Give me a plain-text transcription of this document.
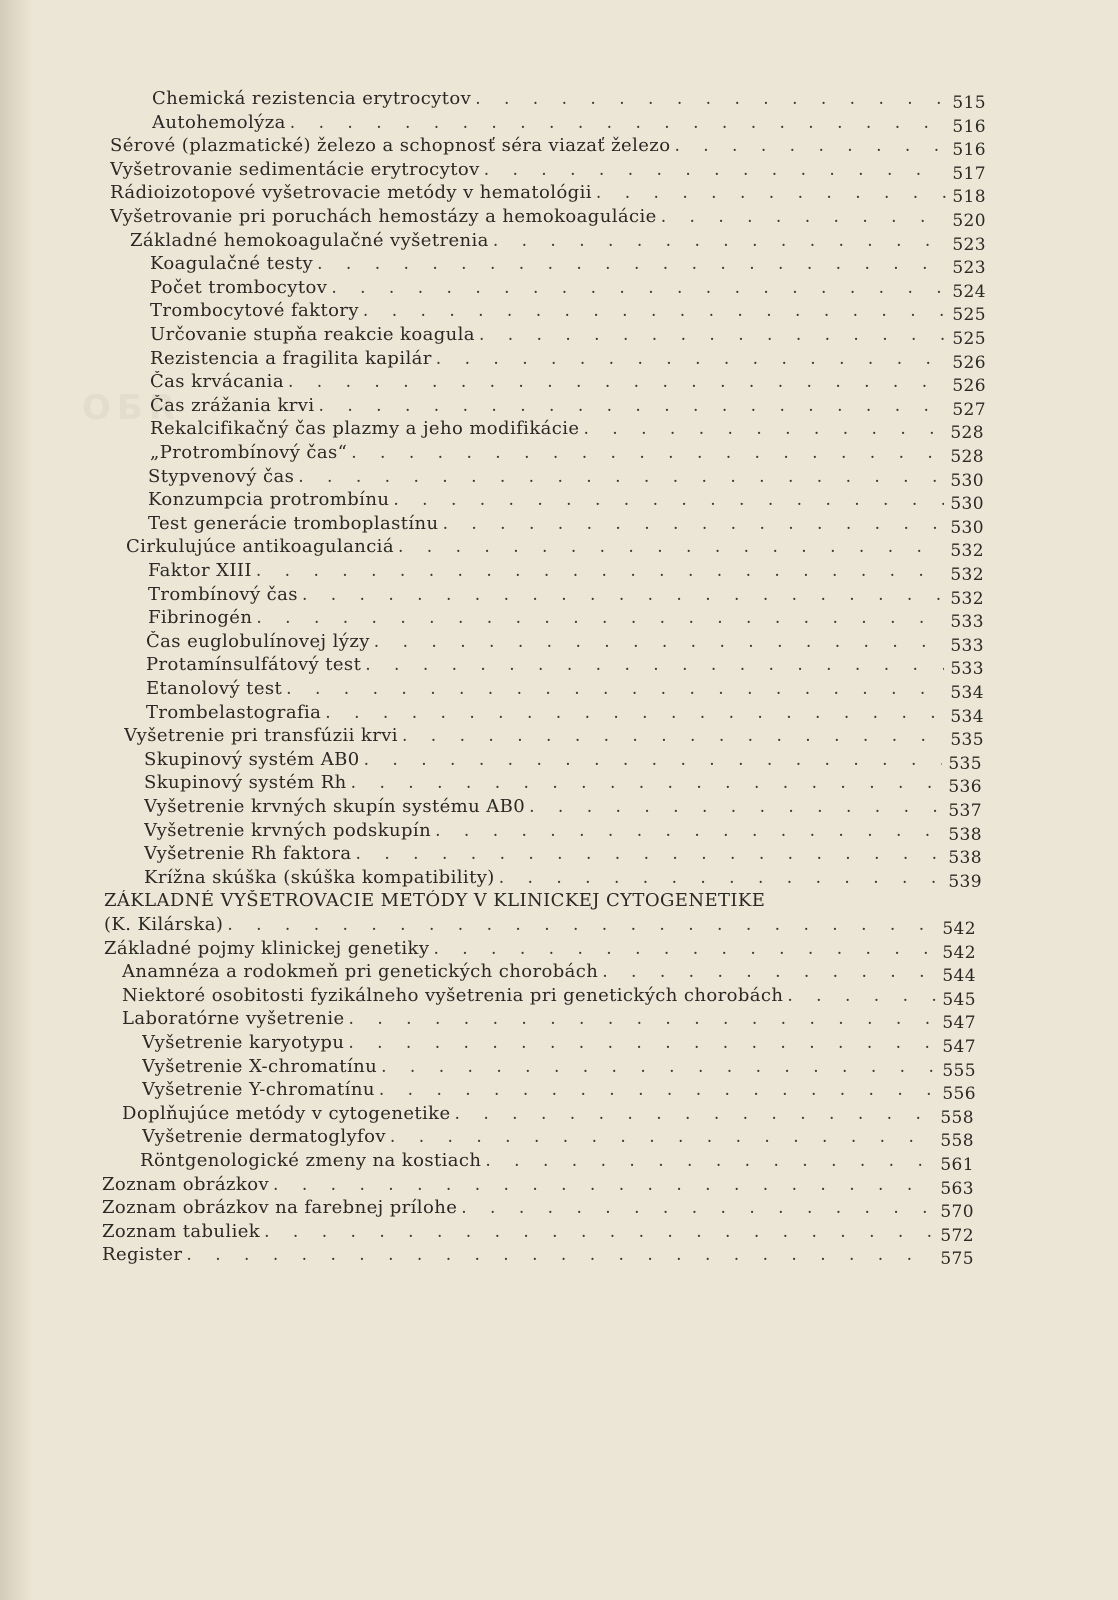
ОБR
Chemická rezistencia erytrocytov . . .	515
Autohemolýza . . .	516
Sérové (plazmatické) železo a schopnosť séra viazať železo . . .	516
Vyšetrovanie sedimentácie erytrocytov . . .	517
Rádioizotopové vyšetrovacie metódy v hematológii . . .	518
Vyšetrovanie pri poruchách hemostázy a hemokoagulácie . . .	520
Základné hemokoagulačné vyšetrenia . . .	523
Koagulačné testy . . .	523
Počet trombocytov . . .	524
Trombocytové faktory . . .	525
Určovanie stupňa reakcie koagula . . .	525
Rezistencia a fragilita kapilár . . .	526
Čas krvácania . . .	526
Čas zrážania krvi . . .	527
Rekalcifikačný čas plazmy a jeho modifikácie . . .	528
„Protrombínový čas“ . . .	528
Stypvenový čas . . .	530
Konzumpcia protrombínu . . .	530
Test generácie tromboplastínu . . .	530
Cirkulujúce antikoagulanciá . . .	532
Faktor XIII . . .	532
Trombínový čas . . .	532
Fibrinogén . . .	533
Čas euglobulínovej lýzy . . .	533
Protamínsulfátový test . . .	533
Etanolový test . . .	534
Trombelastografia . . .	534
Vyšetrenie pri transfúzii krvi . . .	535
Skupinový systém AB0 . . .	535
Skupinový systém Rh . . .	536
Vyšetrenie krvných skupín systému AB0 . . .	537
Vyšetrenie krvných podskupín . . .	538
Vyšetrenie Rh faktora . . .	538
Krížna skúška (skúška kompatibility) . . .	539
ZÁKLADNÉ VYŠETROVACIE METÓDY V KLINICKEJ CYTOGENETIKE
(K. Kilárska) . . .	542
Základné pojmy klinickej genetiky . . .	542
Anamnéza a rodokmeň pri genetických chorobách . . .	544
Niektoré osobitosti fyzikálneho vyšetrenia pri genetických chorobách . . .	545
Laboratórne vyšetrenie . . .	547
Vyšetrenie karyotypu . . .	547
Vyšetrenie X-chromatínu . . .	555
Vyšetrenie Y-chromatínu . . .	556
Doplňujúce metódy v cytogenetike . . .	558
Vyšetrenie dermatoglyfov . . .	558
Röntgenologické zmeny na kostiach . . .	561
Zoznam obrázkov . . .	563
Zoznam obrázkov na farebnej prílohe . . .	570
Zoznam tabuliek . . .	572
Register . . .	575
